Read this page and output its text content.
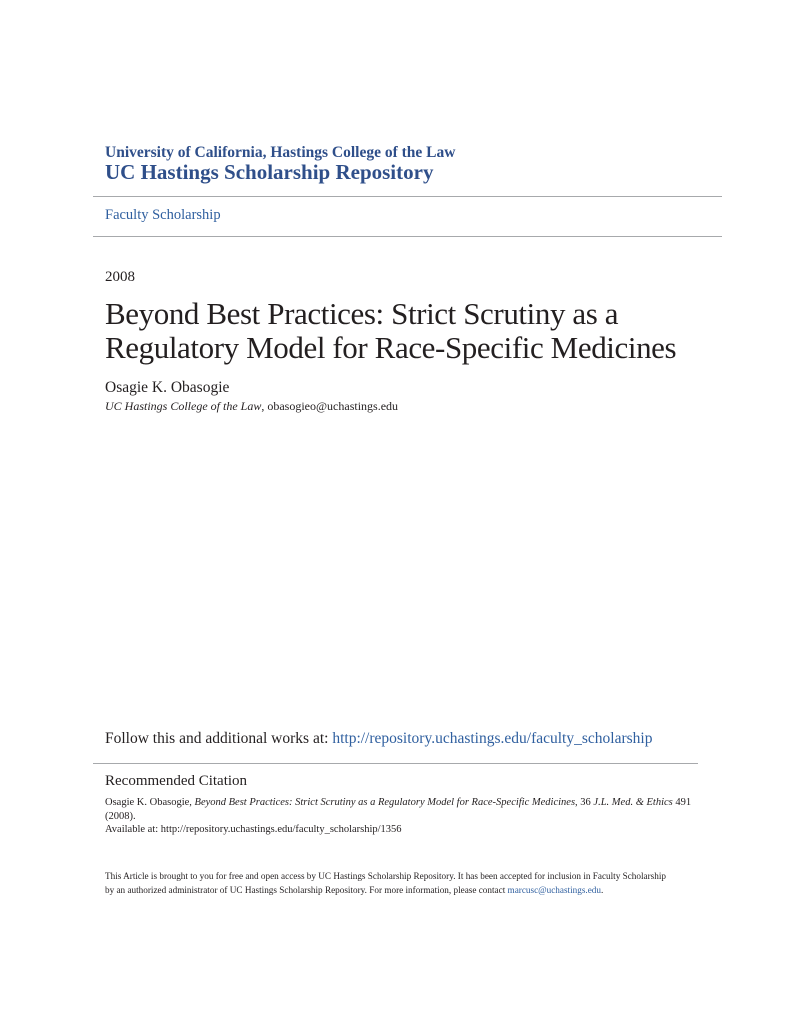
University of California, Hastings College of the Law
UC Hastings Scholarship Repository
Faculty Scholarship
2008
Beyond Best Practices: Strict Scrutiny as a
Regulatory Model for Race-Specific Medicines
Osagie K. Obasogie
UC Hastings College of the Law, obasogieo@uchastings.edu
Follow this and additional works at: http://repository.uchastings.edu/faculty_scholarship
Recommended Citation
Osagie K. Obasogie, Beyond Best Practices: Strict Scrutiny as a Regulatory Model for Race-Specific Medicines, 36 J.L. Med. & Ethics 491
(2008).
Available at: http://repository.uchastings.edu/faculty_scholarship/1356
This Article is brought to you for free and open access by UC Hastings Scholarship Repository. It has been accepted for inclusion in Faculty Scholarship
by an authorized administrator of UC Hastings Scholarship Repository. For more information, please contact marcusc@uchastings.edu.
